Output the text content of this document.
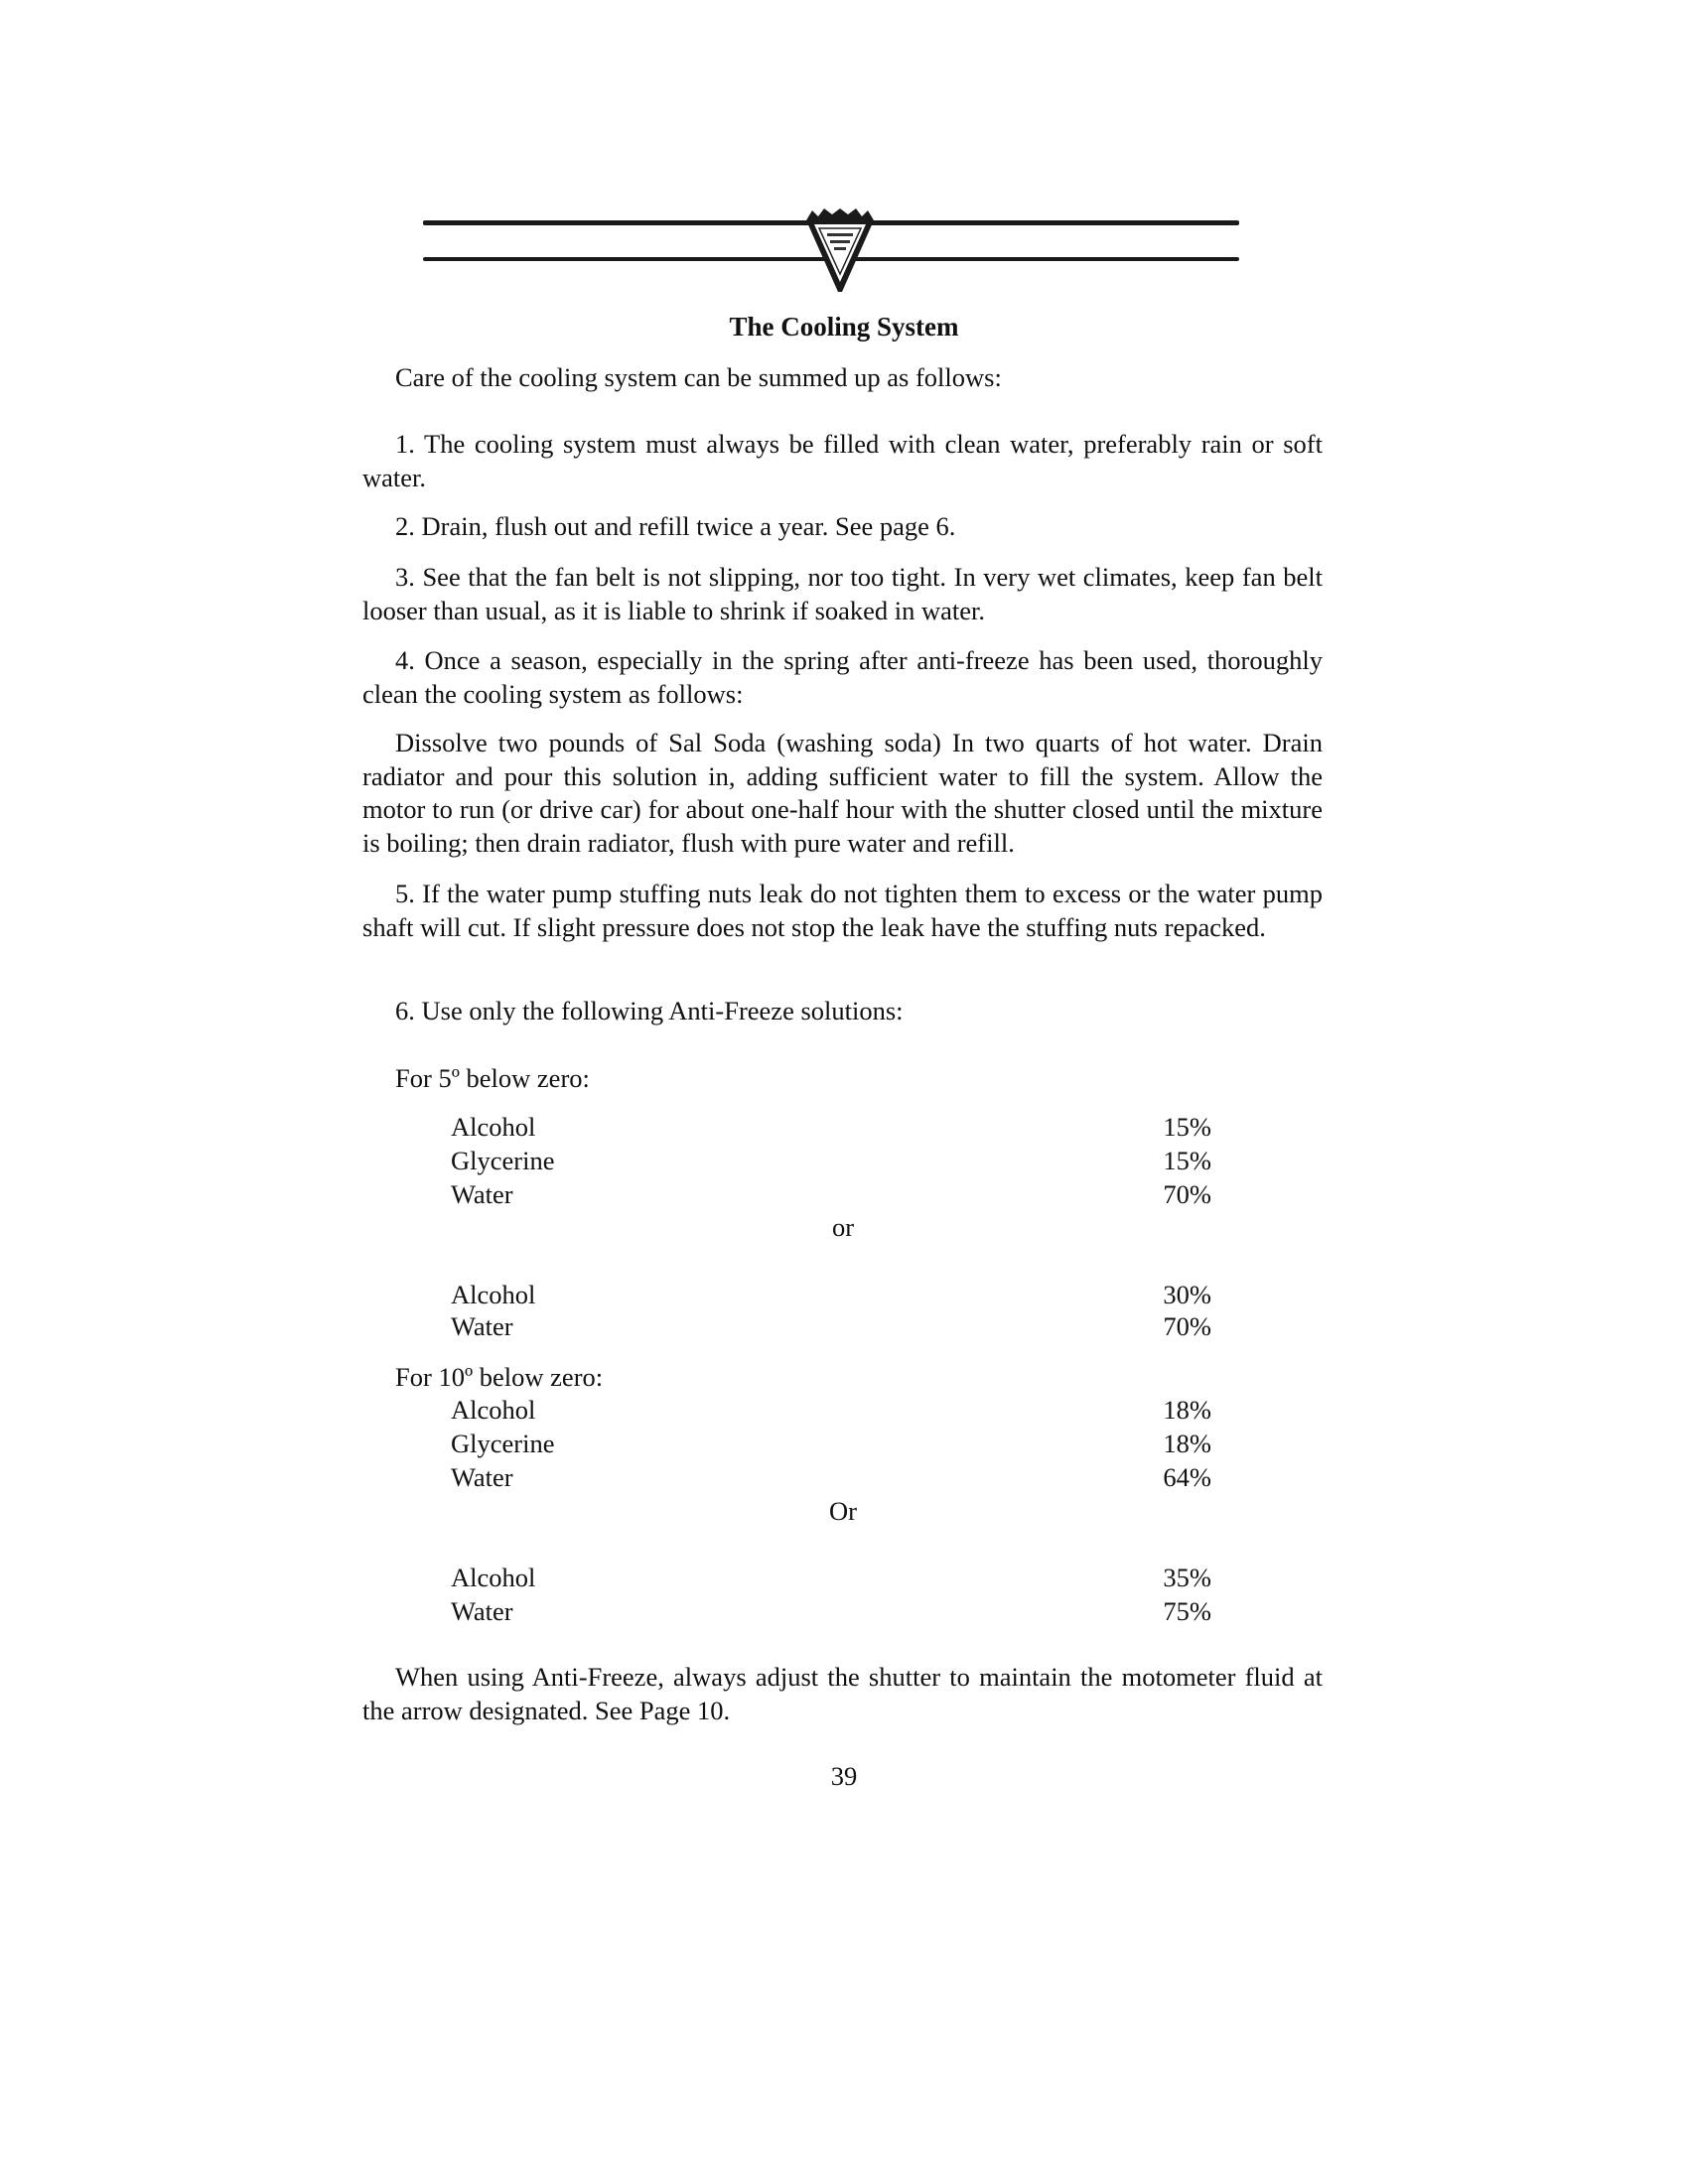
The Cooling System
Care of the cooling system can be summed up as follows:
1. The cooling system must always be filled with clean water, preferably rain or soft water.
2. Drain, flush out and refill twice a year. See page 6.
3. See that the fan belt is not slipping, nor too tight. In very wet climates, keep fan belt looser than usual, as it is liable to shrink if soaked in water.
4. Once a season, especially in the spring after anti-freeze has been used, thoroughly clean the cooling system as follows:
Dissolve two pounds of Sal Soda (washing soda) In two quarts of hot water. Drain radiator and pour this solution in, adding sufficient water to fill the system. Allow the motor to run (or drive car) for about one-half hour with the shutter closed until the mixture is boiling; then drain radiator, flush with pure water and refill.
5. If the water pump stuffing nuts leak do not tighten them to excess or the water pump shaft will cut. If slight pressure does not stop the leak have the stuffing nuts repacked.
6. Use only the following Anti-Freeze solutions:
For 5º below zero:
Alcohol	15%
Glycerine	15%
Water	70%
or
Alcohol	30%
Water	70%
For 10º below zero:
Alcohol	18%
Glycerine	18%
Water	64%
Or
Alcohol	35%
Water	75%
When using Anti-Freeze, always adjust the shutter to maintain the motometer fluid at the arrow designated. See Page 10.
39
